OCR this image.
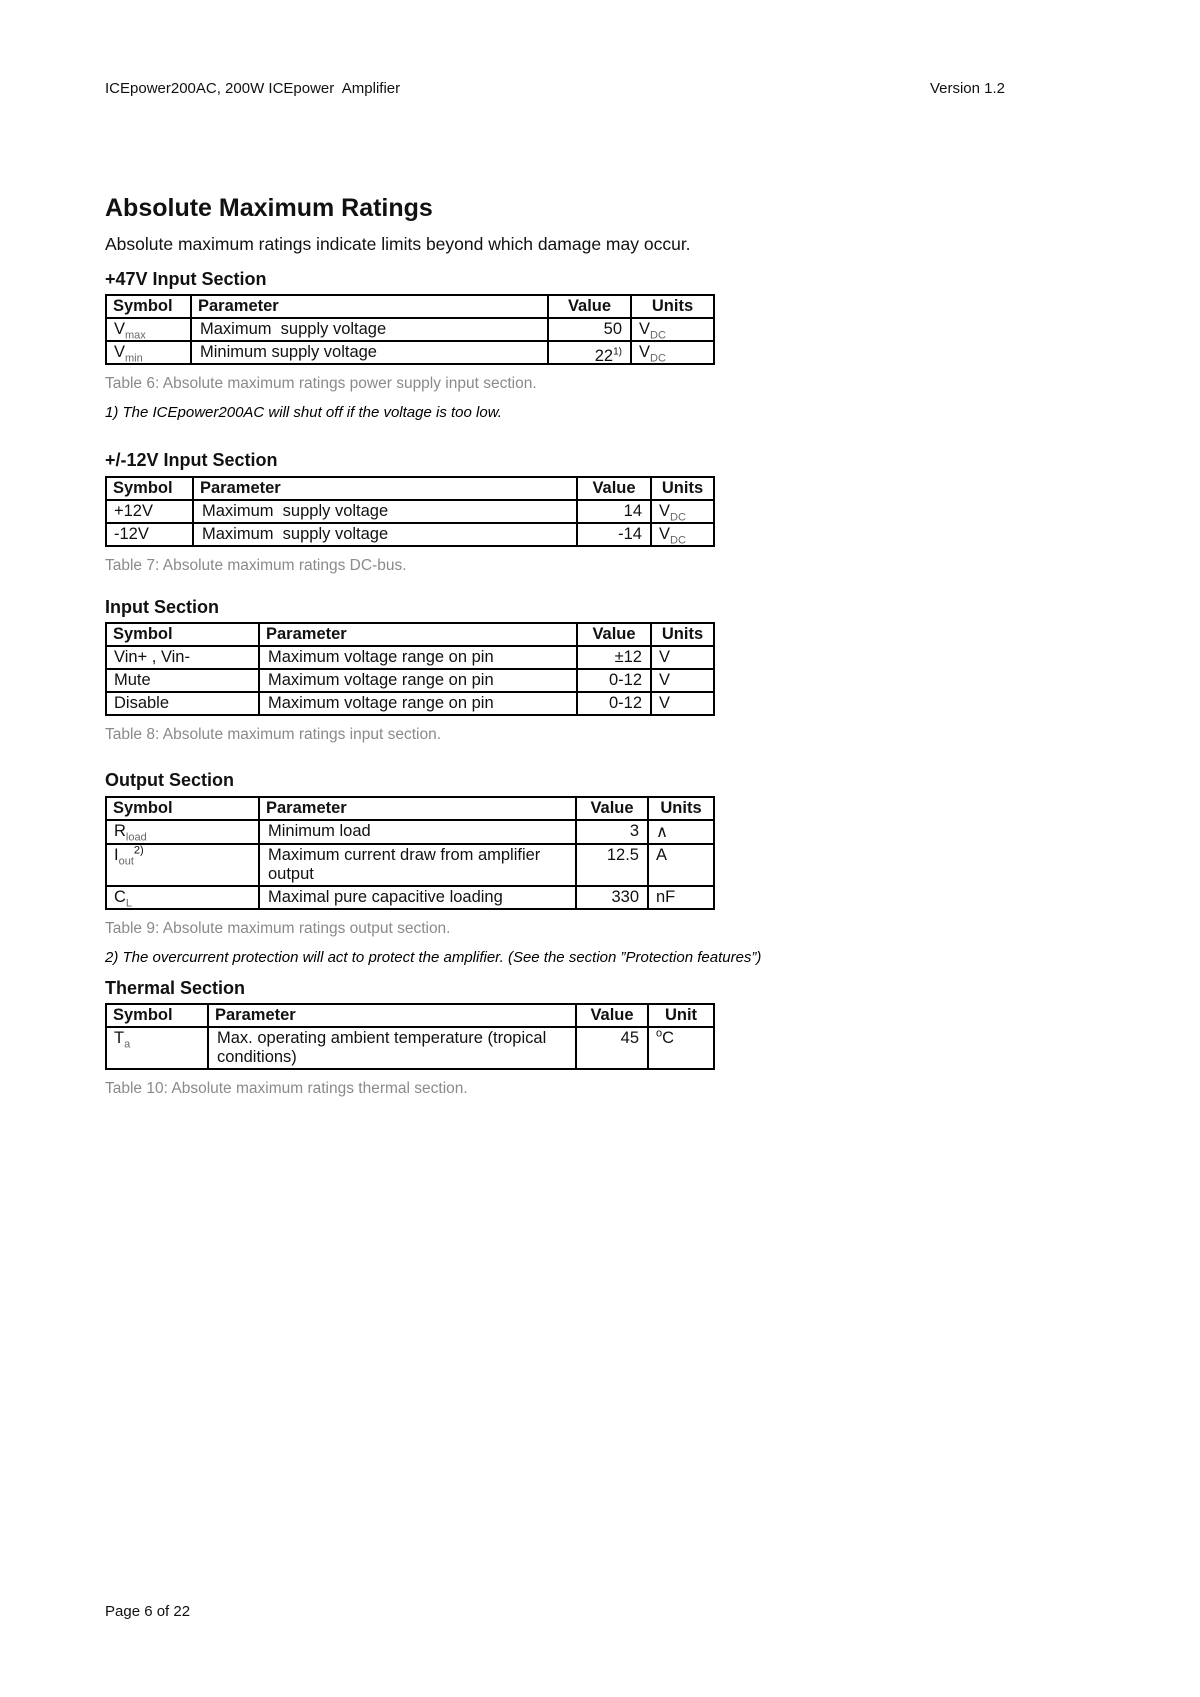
ICEpower200AC, 200W ICEpower  Amplifier	Version 1.2
Absolute Maximum Ratings

Absolute maximum ratings indicate limits beyond which damage may occur.

+47V Input Section
Symbol	Parameter	Value	Units
$V_{max}$	Maximum  supply voltage	50	$V_{DC}$
$V_{min}$	Minimum supply voltage	22$^{1)}$	$V_{DC}$

Table 6: Absolute maximum ratings power supply input section.

1) The ICEpower200AC will shut off if the voltage is too low.

+/-12V Input Section
Symbol	Parameter	Value	Units
+12V	Maximum  supply voltage	14	$V_{DC}$
-12V	Maximum  supply voltage	-14	$V_{DC}$

Table 7: Absolute maximum ratings DC-bus.

Input Section
Symbol	Parameter	Value	Units
Vin+ , Vin-	Maximum voltage range on pin	±12	V
Mute	Maximum voltage range on pin	0-12	V
Disable	Maximum voltage range on pin	0-12	V

Table 8: Absolute maximum ratings input section.

Output Section
Symbol	Parameter	Value	Units
$R_{load}$	Minimum load	3	∧
$I_{out}^{2)}$	Maximum current draw from amplifier output	12.5	A
$C_L$	Maximal pure capacitive loading	330	nF

Table 9: Absolute maximum ratings output section.

2) The overcurrent protection will act to protect the amplifier. (See the section ”Protection features”)

Thermal Section
Symbol	Parameter	Value	Unit
$T_a$	Max. operating ambient temperature (tropical conditions)	45	$^o$C

Table 10: Absolute maximum ratings thermal section.

Page 6 of 22
